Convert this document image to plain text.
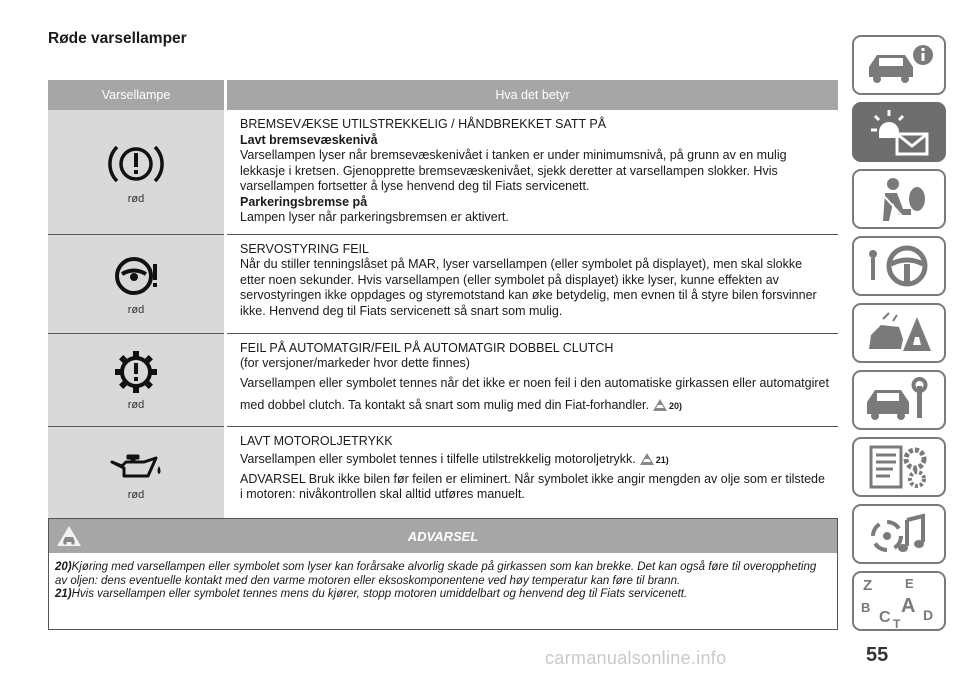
Røde varsellamper
Varsellampe	Hva det betyr

rød	BREMSEVÆKSE UTILSTREKKELIG / HÅNDBREKKET SATT PÅ
Lavt bremsevæskenivå
Varsellampen lyser når bremsevæskenivået i tanken er under minimumsnivå, på grunn av en mulig lekkasje i kretsen. Gjenopprette bremsevæskenivået, sjekk deretter at varsellampen slokker. Hvis varsellampen fortsetter å lyse henvend deg til Fiats servicenett.
Parkeringsbremse på
Lampen lyser når parkeringsbremsen er aktivert.

rød	SERVOSTYRING FEIL
Når du stiller tenningslåset på MAR, lyser varsellampen (eller symbolet på displayet), men skal slokke etter noen sekunder. Hvis varsellampen (eller symbolet på displayet) ikke lyser, kunne effekten av servostyringen ikke oppdages og styremotstand kan øke betydelig, men evnen til å styre bilen forsvinner ikke. Henvend deg til Fiats servicenett så snart som mulig.

rød	FEIL PÅ AUTOMATGIR/FEIL PÅ AUTOMATGIR DOBBEL CLUTCH
(for versjoner/markeder hvor dette finnes)
Varsellampen eller symbolet tennes når det ikke er noen feil i den automatiske girkassen eller automatgiret med dobbel clutch. Ta kontakt så snart som mulig med din Fiat-forhandler. 20)

rød	LAVT MOTOROLJETRYKK
Varsellampen eller symbolet tennes i tilfelle utilstrekkelig motoroljetrykk. 21)
ADVARSEL Bruk ikke bilen før feilen er eliminert. Når symbolet ikke angir mengden av olje som er tilstede i motoren: nivåkontrollen skal alltid utføres manuelt.
ADVARSEL
20)Kjøring med varsellampen eller symbolet som lyser kan forårsake alvorlig skade på girkassen som kan brekke. Det kan også føre til overoppheting av oljen: dens eventuelle kontakt med den varme motoren eller eksoskomponentene ved høy temperatur kan føre til brann.
21)Hvis varsellampen eller symbolet tennes mens du kjører, stopp motoren umiddelbart og henvend deg til Fiats servicenett.	Z	E
B A
C D
T
carmanualsonline.info	55
